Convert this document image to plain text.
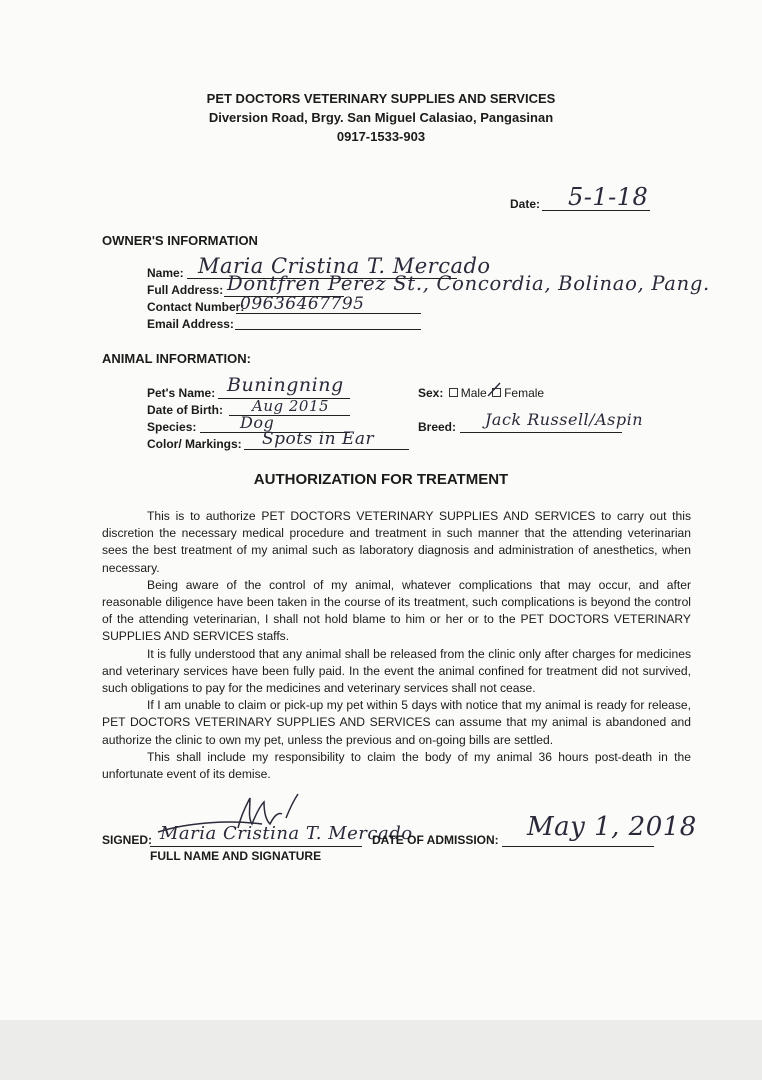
PET DOCTORS VETERINARY SUPPLIES AND SERVICES
Diversion Road, Brgy. San Miguel Calasiao, Pangasinan
0917-1533-903
Date: 5-1-18
OWNER'S INFORMATION
Name: Maria Cristina T. Mercado
Full Address: Dontfren Perez St., Concordia, Bolinao, Pang.
Contact Number:
09636467795
Email Address:
ANIMAL INFORMATION:
Pet's Name: Buningning
Date of Birth: Aug 2015
Species:	Dog
Color/ Markings: Spots in Ear
Sex: Male Female
Breed: Jack Russell/Aspin
AUTHORIZATION FOR TREATMENT

This is to authorize PET DOCTORS VETERINARY SUPPLIES AND SERVICES to carry out this discretion the necessary medical procedure and treatment in such manner that the attending veterinarian sees the best treatment of my animal such as laboratory diagnosis and administration of anesthetics, when necessary.

Being aware of the control of my animal, whatever complications that may occur, and after reasonable diligence have been taken in the course of its treatment, such complications is beyond the control of the attending veterinarian, I shall not hold blame to him or her or to the PET DOCTORS VETERINARY SUPPLIES AND SERVICES staffs.

It is fully understood that any animal shall be released from the clinic only after charges for medicines and veterinary services have been fully paid. In the event the animal confined for treatment did not survived, such obligations to pay for the medicines and veterinary services shall not cease.

If I am unable to claim or pick-up my pet within 5 days with notice that my animal is ready for release, PET DOCTORS VETERINARY SUPPLIES AND SERVICES can assume that my animal is abandoned and authorize the clinic to own my pet, unless the previous and on-going bills are settled.

This shall include my responsibility to claim the body of my animal 36 hours post-death in the unfortunate event of its demise.

SIGNED: Maria Cristina T. Mercado
FULL NAME AND SIGNATURE
DATE OF ADMISSION: May 1, 2018
